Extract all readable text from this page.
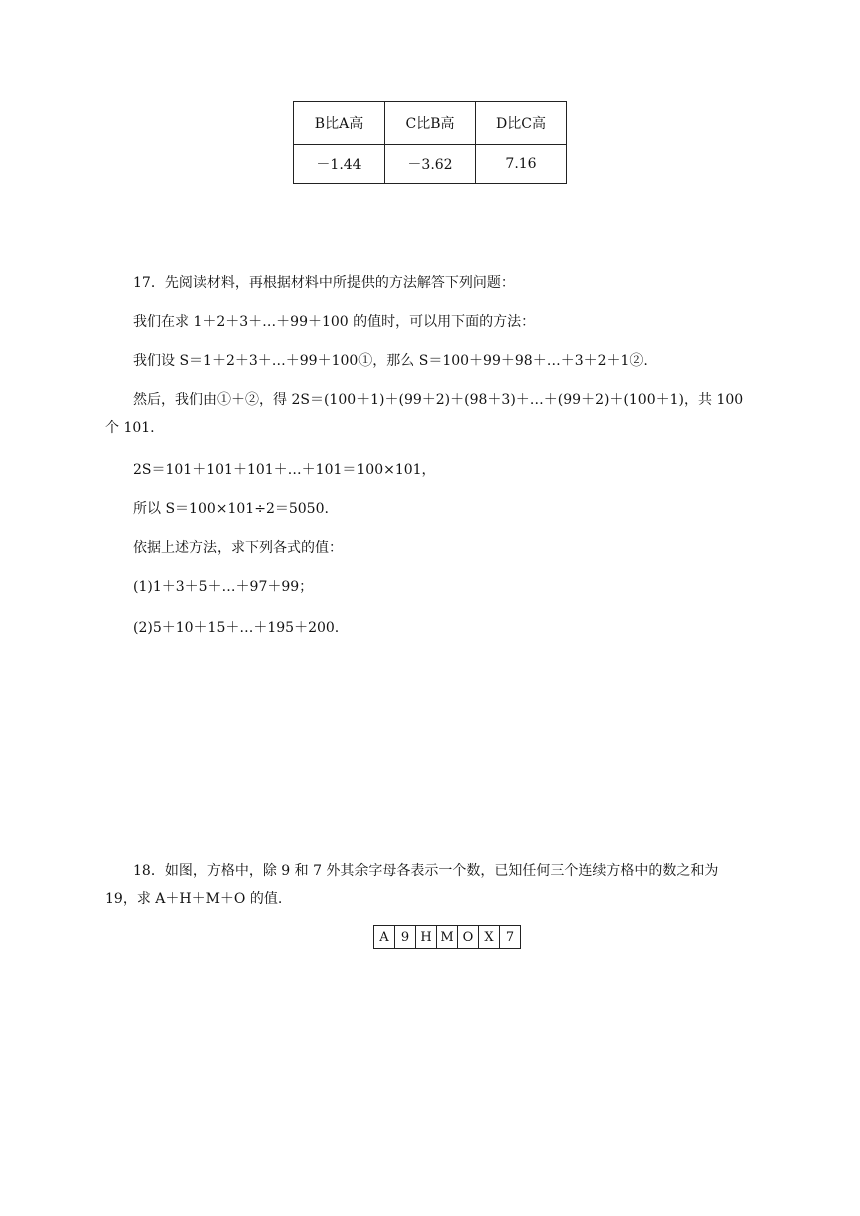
B比A高	C比B高	D比C高
－1.44	－3.62	7.16
17．先阅读材料，再根据材料中所提供的方法解答下列问题：
我们在求 1＋2＋3＋…＋99＋100 的值时，可以用下面的方法：
我们设 S＝1＋2＋3＋…＋99＋100①，那么 S＝100＋99＋98＋…＋3＋2＋1②.
然后，我们由①＋②，得 2S＝(100＋1)＋(99＋2)＋(98＋3)＋…＋(99＋2)＋(100＋1)，共 100
个 101.
2S＝101＋101＋101＋…＋101＝100×101，
所以 S＝100×101÷2＝5050.
依据上述方法，求下列各式的值：
(1)1＋3＋5＋…＋97＋99；
(2)5＋10＋15＋…＋195＋200.
18．如图，方格中，除 9 和 7 外其余字母各表示一个数，已知任何三个连续方格中的数之和为
19，求 A＋H＋M＋O 的值.
A 9 H M O X 7
